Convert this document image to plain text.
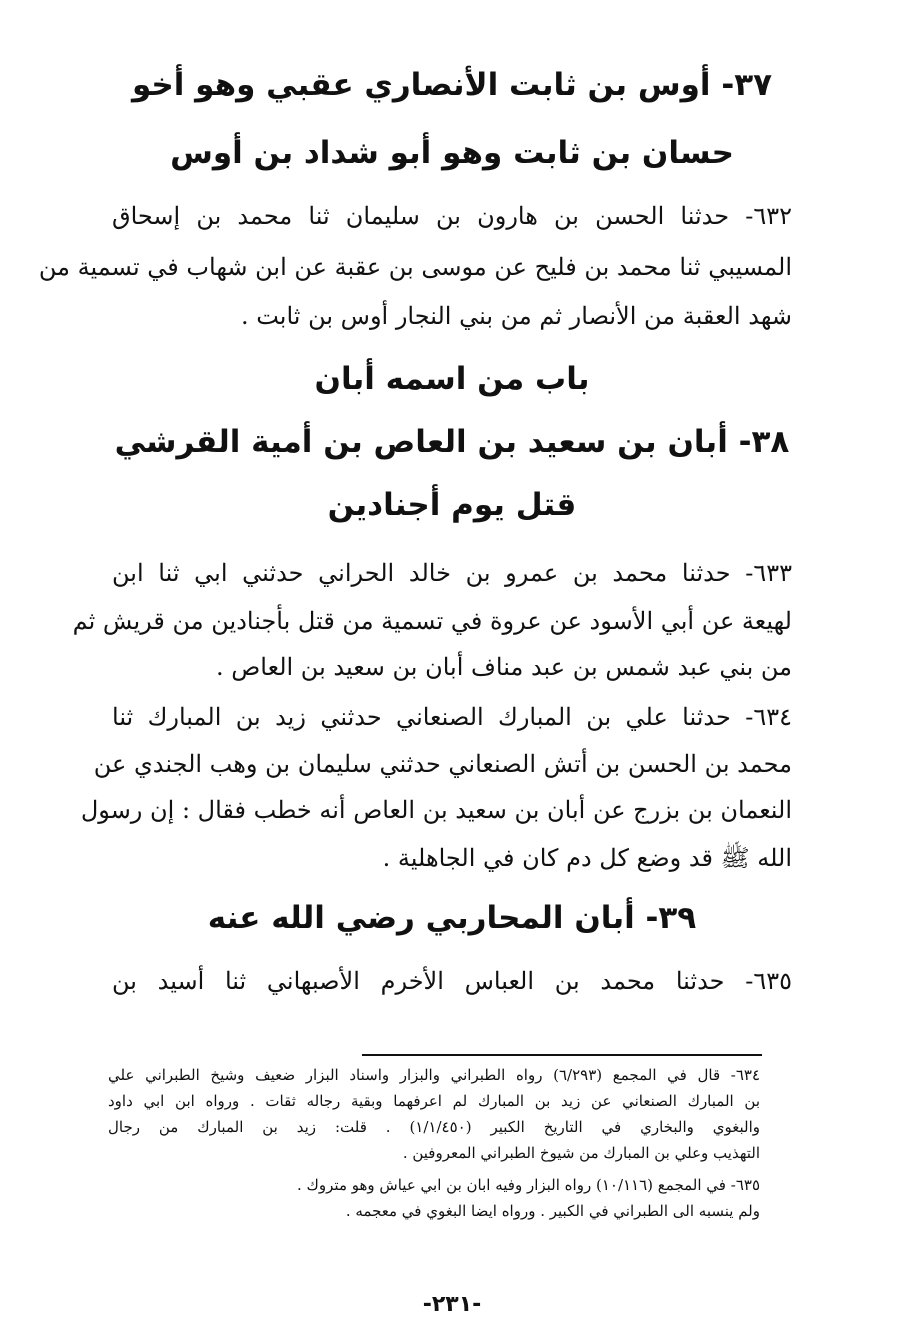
٣٧- أوس بن ثابت الأنصاري عقبي وهو أخو
حسان بن ثابت وهو أبو شداد بن أوس
٦٣٢- حدثنا الحسن بن هارون بن سليمان ثنا محمد بن إسحاق
المسيبي ثنا محمد بن فليح عن موسى بن عقبة عن ابن شهاب في تسمية من
شهد العقبة من الأنصار ثم من بني النجار أوس بن ثابت .
باب من اسمه أبان
٣٨- أبان بن سعيد بن العاص بن أمية القرشي
قتل يوم أجنادين
٦٣٣- حدثنا محمد بن عمرو بن خالد الحراني حدثني ابي ثنا ابن
لهيعة عن أبي الأسود عن عروة في تسمية من قتل بأجنادين من قريش ثم
من بني عبد شمس بن عبد مناف أبان بن سعيد بن العاص .
٦٣٤- حدثنا علي بن المبارك الصنعاني حدثني زيد بن المبارك ثنا
محمد بن الحسن بن أتش الصنعاني حدثني سليمان بن وهب الجندي عن
النعمان بن بزرج عن أبان بن سعيد بن العاص أنه خطب فقال : إن رسول
الله ﷺ قد وضع كل دم كان في الجاهلية .
٣٩- أبان المحاربي رضي الله عنه
٦٣٥- حدثنا محمد بن العباس الأخرم الأصبهاني ثنا أسيد بن
٦٣٤- قال في المجمع (٦/٢٩٣) رواه الطبراني والبزار واسناد البزار ضعيف وشيخ الطبراني علي
بن المبارك الصنعاني عن زيد بن المبارك لم اعرفهما وبقية رجاله ثقات . ورواه ابن ابي داود
والبغوي والبخاري في التاريخ الكبير (١/١/٤٥٠) . قلت: زيد بن المبارك من رجال
التهذيب وعلي بن المبارك من شيوخ الطبراني المعروفين .
٦٣٥- في المجمع (١٠/١١٦) رواه البزار وفيه ابان بن ابي عياش وهو متروك .
ولم ينسبه الى الطبراني في الكبير . ورواه ايضا البغوي في معجمه .
-٢٣١-
